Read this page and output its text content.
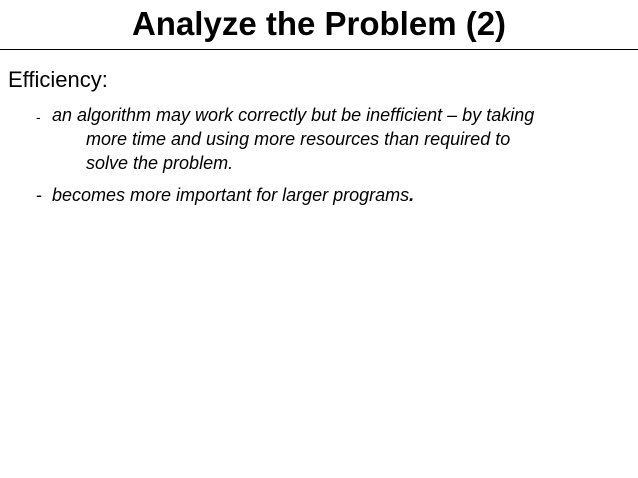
Analyze the Problem (2)

Efficiency:

- an algorithm may work correctly but be inefficient – by taking
more time and using more resources than required to
solve the problem.
- becomes more important for larger programs.
